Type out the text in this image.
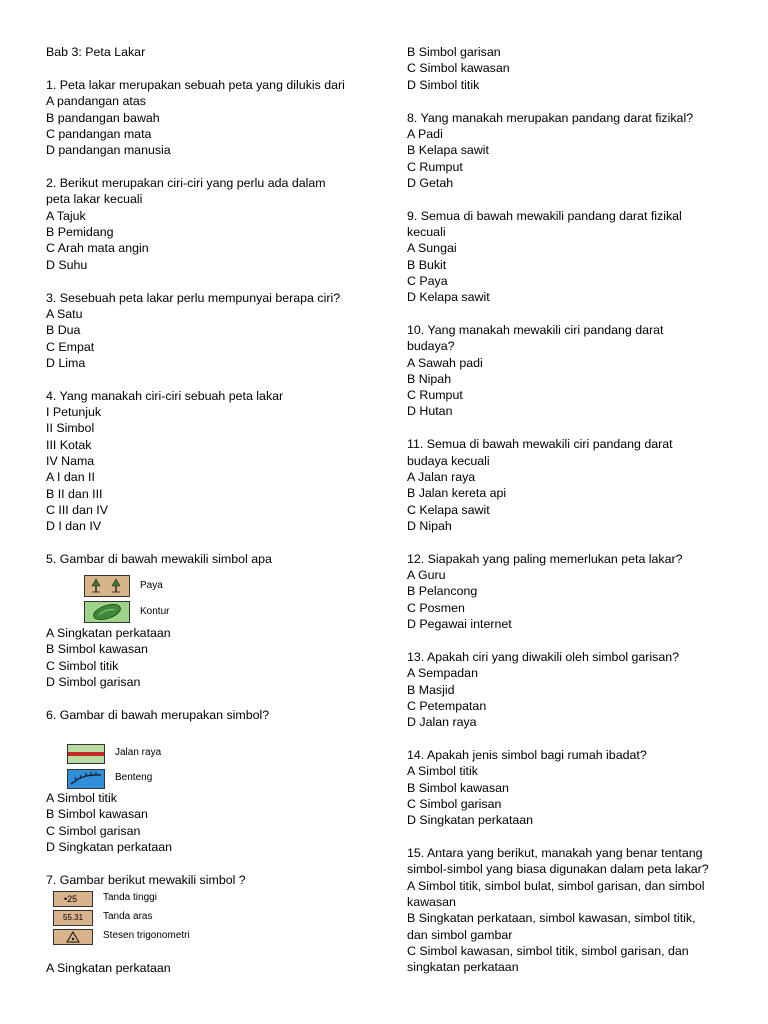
Bab 3: Peta Lakar
1. Peta lakar merupakan sebuah peta yang dilukis dari
A pandangan atas
B pandangan bawah
C pandangan mata
D pandangan manusia
2. Berikut merupakan ciri-ciri yang perlu ada dalam
peta lakar kecuali
A Tajuk
B Pemidang
C Arah mata angin
D Suhu
3. Sesebuah peta lakar perlu mempunyai berapa ciri?
A Satu
B Dua
C Empat
D Lima
4. Yang manakah ciri-ciri sebuah peta lakar
I Petunjuk
II Simbol
III Kotak
IV Nama
A I dan II
B II dan III
C III dan IV
D I dan IV
5. Gambar di bawah mewakili simbol apa
A Singkatan perkataan
B Simbol kawasan
C Simbol titik
D Simbol garisan
6. Gambar di bawah merupakan simbol?
A Simbol titik
B Simbol kawasan
C Simbol garisan
D Singkatan perkataan
7. Gambar berikut mewakili simbol ?
A Singkatan perkataan
B Simbol garisan
C Simbol kawasan
D Simbol titik
8. Yang manakah merupakan pandang darat fizikal?
A Padi
B Kelapa sawit
C Rumput
D Getah
9. Semua di bawah mewakili pandang darat fizikal
kecuali
A Sungai
B Bukit
C Paya
D Kelapa sawit
10. Yang manakah mewakili ciri pandang darat
budaya?
A Sawah padi
B Nipah
C Rumput
D Hutan
11. Semua di bawah mewakili ciri pandang darat
budaya kecuali
A Jalan raya
B Jalan kereta api
C Kelapa sawit
D Nipah
12. Siapakah yang paling memerlukan peta lakar?
A Guru
B Pelancong
C Posmen
D Pegawai internet
13. Apakah ciri yang diwakili oleh simbol garisan?
A Sempadan
B Masjid
C Petempatan
D Jalan raya
14. Apakah jenis simbol bagi rumah ibadat?
A Simbol titik
B Simbol kawasan
C Simbol garisan
D Singkatan perkataan
15. Antara yang berikut, manakah yang benar tentang
simbol-simbol yang biasa digunakan dalam peta lakar?
A Simbol titik, simbol bulat, simbol garisan, dan simbol
kawasan
B Singkatan perkataan, simbol kawasan, simbol titik,
dan simbol gambar
C Simbol kawasan, simbol titik, simbol garisan, dan
singkatan perkataan
Paya
Kontur
Jalan raya
Benteng
•25	Tanda tinggi
55.31 Tanda aras
Stesen trigonometri
